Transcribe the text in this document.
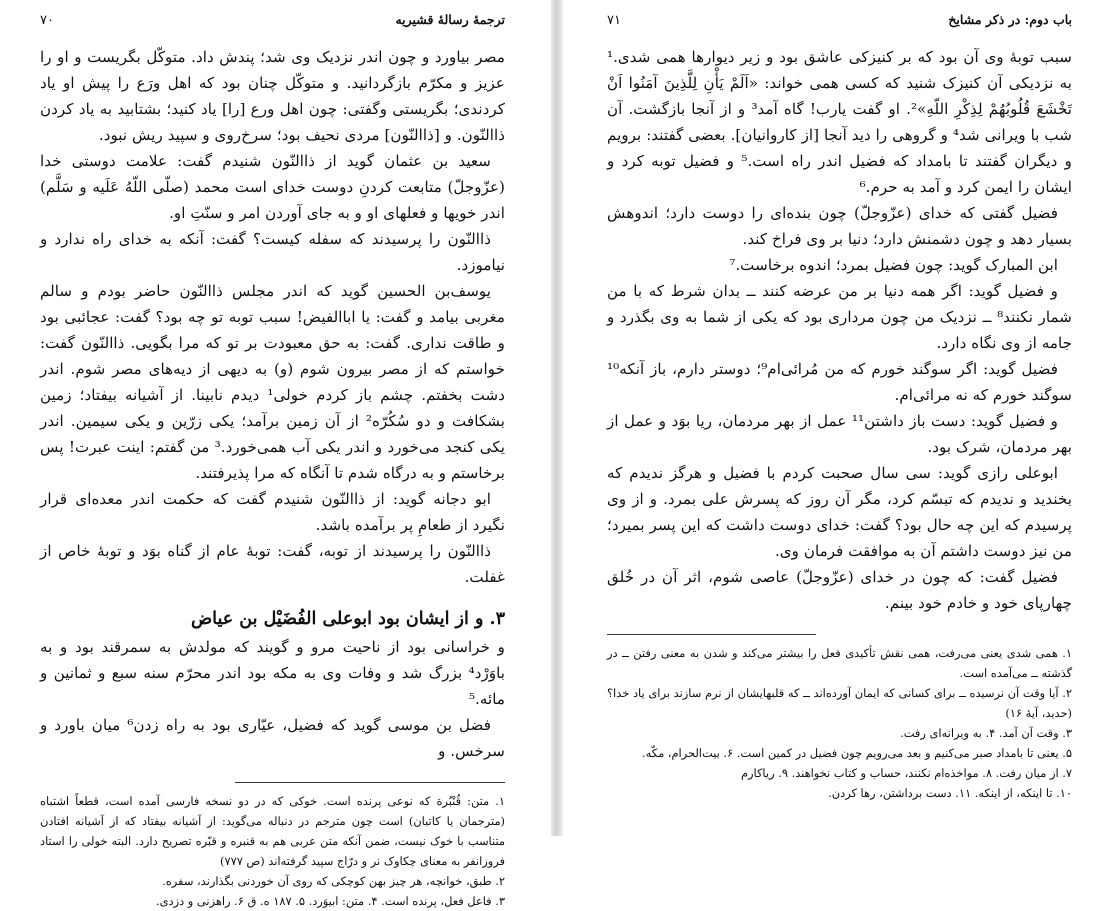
ترجمهٔ رسالهٔ قشیریه
۷۰

مصر بیاورد و چون اندر نزدیک وی شد؛ پندش داد. متوکّل بگریست و او را عزیز و مکرّم بازگردانید. و متوکّل چنان بود که اهل ورَع را پیش او یاد کردندی؛ بگریستی وگفتی: چون اهل ورع [را] یاد کنید؛ بشتابید به یاد کردن ذاالنّون. و [ذاالنّون] مردی نحیف بود؛ سرخ‌روی و سپید ریش نبود.

سعید بن عثمان گوید از ذاالنّون شنیدم گفت: علامت دوستی خدا (عزّوجلّ) متابعت کردنِ دوست خدای است محمد (صلّی اللّهُ عَلَیه و سَلَّم) اندر خویها و فعلهای او و به جای آوردن امر و سنّتِ او.

ذاالنّون را پرسیدند که سفله کیست؟ گفت: آنکه به خدای راه ندارد و نیاموزد.

یوسف‌بن الحسین گوید که اندر مجلس ذاالنّون حاضر بودم و سالم مغربی بیامد و گفت: یا اباالفیض! سبب توبه تو چه بود؟ گفت: عجائبی بود و طاقت نداری. گفت: به حق معبودت بر تو که مرا بگویی. ذاالنّون گفت: خواستم که از مصر بیرون شوم (و) به دیهی از دیه‌های مصر شوم. اندر دشت بخفتم. چشم باز کردم خولی¹ دیدم نابینا. از آشیانه بیفتاد؛ زمین بشکافت و دو سُکُرّه² از آن زمین برآمد؛ یکی زرّین و یکی سیمین. اندر یکی کنجد می‌خورد و اندر یکی آب همی‌خورد.³ من گفتم: اینت عبرت! پس برخاستم و به درگاه شدم تا آنگاه که مرا پذیرفتند.

ابو دجانه گوید: از ذاالنّون شنیدم گفت که حکمت اندر معده‌ای قرار نگیرد از طعامِ پر برآمده باشد.

ذاالنّون را پرسیدند از توبه، گفت: توبهٔ عام از گناه بوَد و توبهٔ خاص از غفلت.

۳. و از ایشان بود ابوعلی الفُضَیْل بن عیاض

و خراسانی بود از ناحیت مرو و گویند که مولدش به سمرقند بود و به باوَرْد⁴ بزرگ شد و وفات وی به مکه بود اندر محرّم سنه سبع و ثمانین و مائه.⁵

فضل بن موسی گوید که فضیل، عیّاری بود به راه زدن⁶ میان باورد و سرخس. و

۱. متن: قُنْبُرة که نوعی پرنده است. خوکی که در دو نسخه فارسی آمده است، قطعاً اشتباه (مترجمان یا کاتبان) است چون مترجم در دنباله می‌گوید: از آشیانه بیفتاد که از آشیانه افتادن متناسب با خوک نیست، ضمن آنکه متن عربی هم به قنبره و قبّره تصریح دارد. البته خولی را استاد فروزانفر به معنای چکاوک نر و درّاج سپید گرفته‌اند (ص ۷۷۷)

۲. طبق، خوانچه، هر چیز بهن کوچکی که روی آن خوردنی بگذارند، سفره.

۳. فاعل فعل، پرنده است. ۴. متن: ابیوَرد. ۵. ۱۸۷ ه. ق ۶. راهزنی و دزدی.

باب دوم: در ذکر مشایخ
۷۱

سبب توبهٔ وی آن بود که بر کنیزکی عاشق بود و زیر دیوارها همی شدی.¹ به نزدیکی آن کنیزک شنید که کسی همی خواند: «اَلَمْ یَأْنِ لِلَّذِینَ آمَنُوا اَنْ تَخْشَعَ قُلُوبُهُمْ لِذِکْرِ اللّهِ»². او گفت یارب! گاه آمد³ و از آنجا بازگشت. آن شب با ویرانی شد⁴ و گروهی را دید آنجا [از کاروانیان]. بعضی گفتند: برویم و دیگران گفتند تا بامداد که فضیل اندر راه است.⁵ و فضیل توبه کرد و ایشان را ایمن کرد و آمد به حرم.⁶

فضیل گفتی که خدای (عزّوجلّ) چون بنده‌ای را دوست دارد؛ اندوهش بسیار دهد و چون دشمنش دارد؛ دنیا بر وی فراخ کند.

ابن المبارک گوید: چون فضیل بمرد؛ اندوه برخاست.⁷

و فضیل گوید: اگر همه دنیا بر من عرضه کنند ــ بدان شرط که با من شمار نکنند⁸ ــ نزدیک من چون مرداری بود که یکی از شما به وی بگذرد و جامه از وی نگاه دارد.

فضیل گوید: اگر سوگند خورم که من مُرائی‌ام⁹؛ دوستر دارم، باز آنکه¹⁰ سوگند خورم که نه مرائی‌ام.

و فضیل گوید: دست باز داشتن¹¹ عمل از بهر مردمان، ریا بوَد و عمل از بهر مردمان، شرک بود.

ابوعلی رازی گوید: سی سال صحبت کردم با فضیل و هرگز ندیدم که بخندید و ندیدم که تبسّم کرد، مگر آن روز که پسرش علی بمرد. و از وی پرسیدم که این چه حال بود؟ گفت: خدای دوست داشت که این پسر بمیرد؛ من نیز دوست داشتم آن به موافقت فرمان وی.

فضیل گفت: که چون در خدای (عزّوجلّ) عاصی شوم، اثر آن در خُلق چهارپای خود و خادم خود بینم.

۱. همی شدی یعنی می‌رفت، همی نقش تأکیدی فعل را بیشتر می‌کند و شدن به معنی رفتن ــ در گذشته ــ می‌آمده است.

۲. آیا وقت آن نرسیده ــ برای کسانی که ایمان آورده‌اند ــ که قلبهایشان از نرم سازند برای یاد خدا؟ (حدید، آیهٔ ۱۶)

۳. وقت آن آمد. ۴. به ویرانه‌ای رفت.

۵. یعنی تا بامداد صبر می‌کنیم و بعد می‌رویم چون فضیل در کمین است. ۶. بیت‌الحرام، مکّه.

۷. از میان رفت. ۸. مواخذه‌ام نکنند، حساب و کتاب نخواهند. ۹. ریاکارم

۱۰. تا اینکه، از اینکه. ۱۱. دست برداشتن، رها کردن.
